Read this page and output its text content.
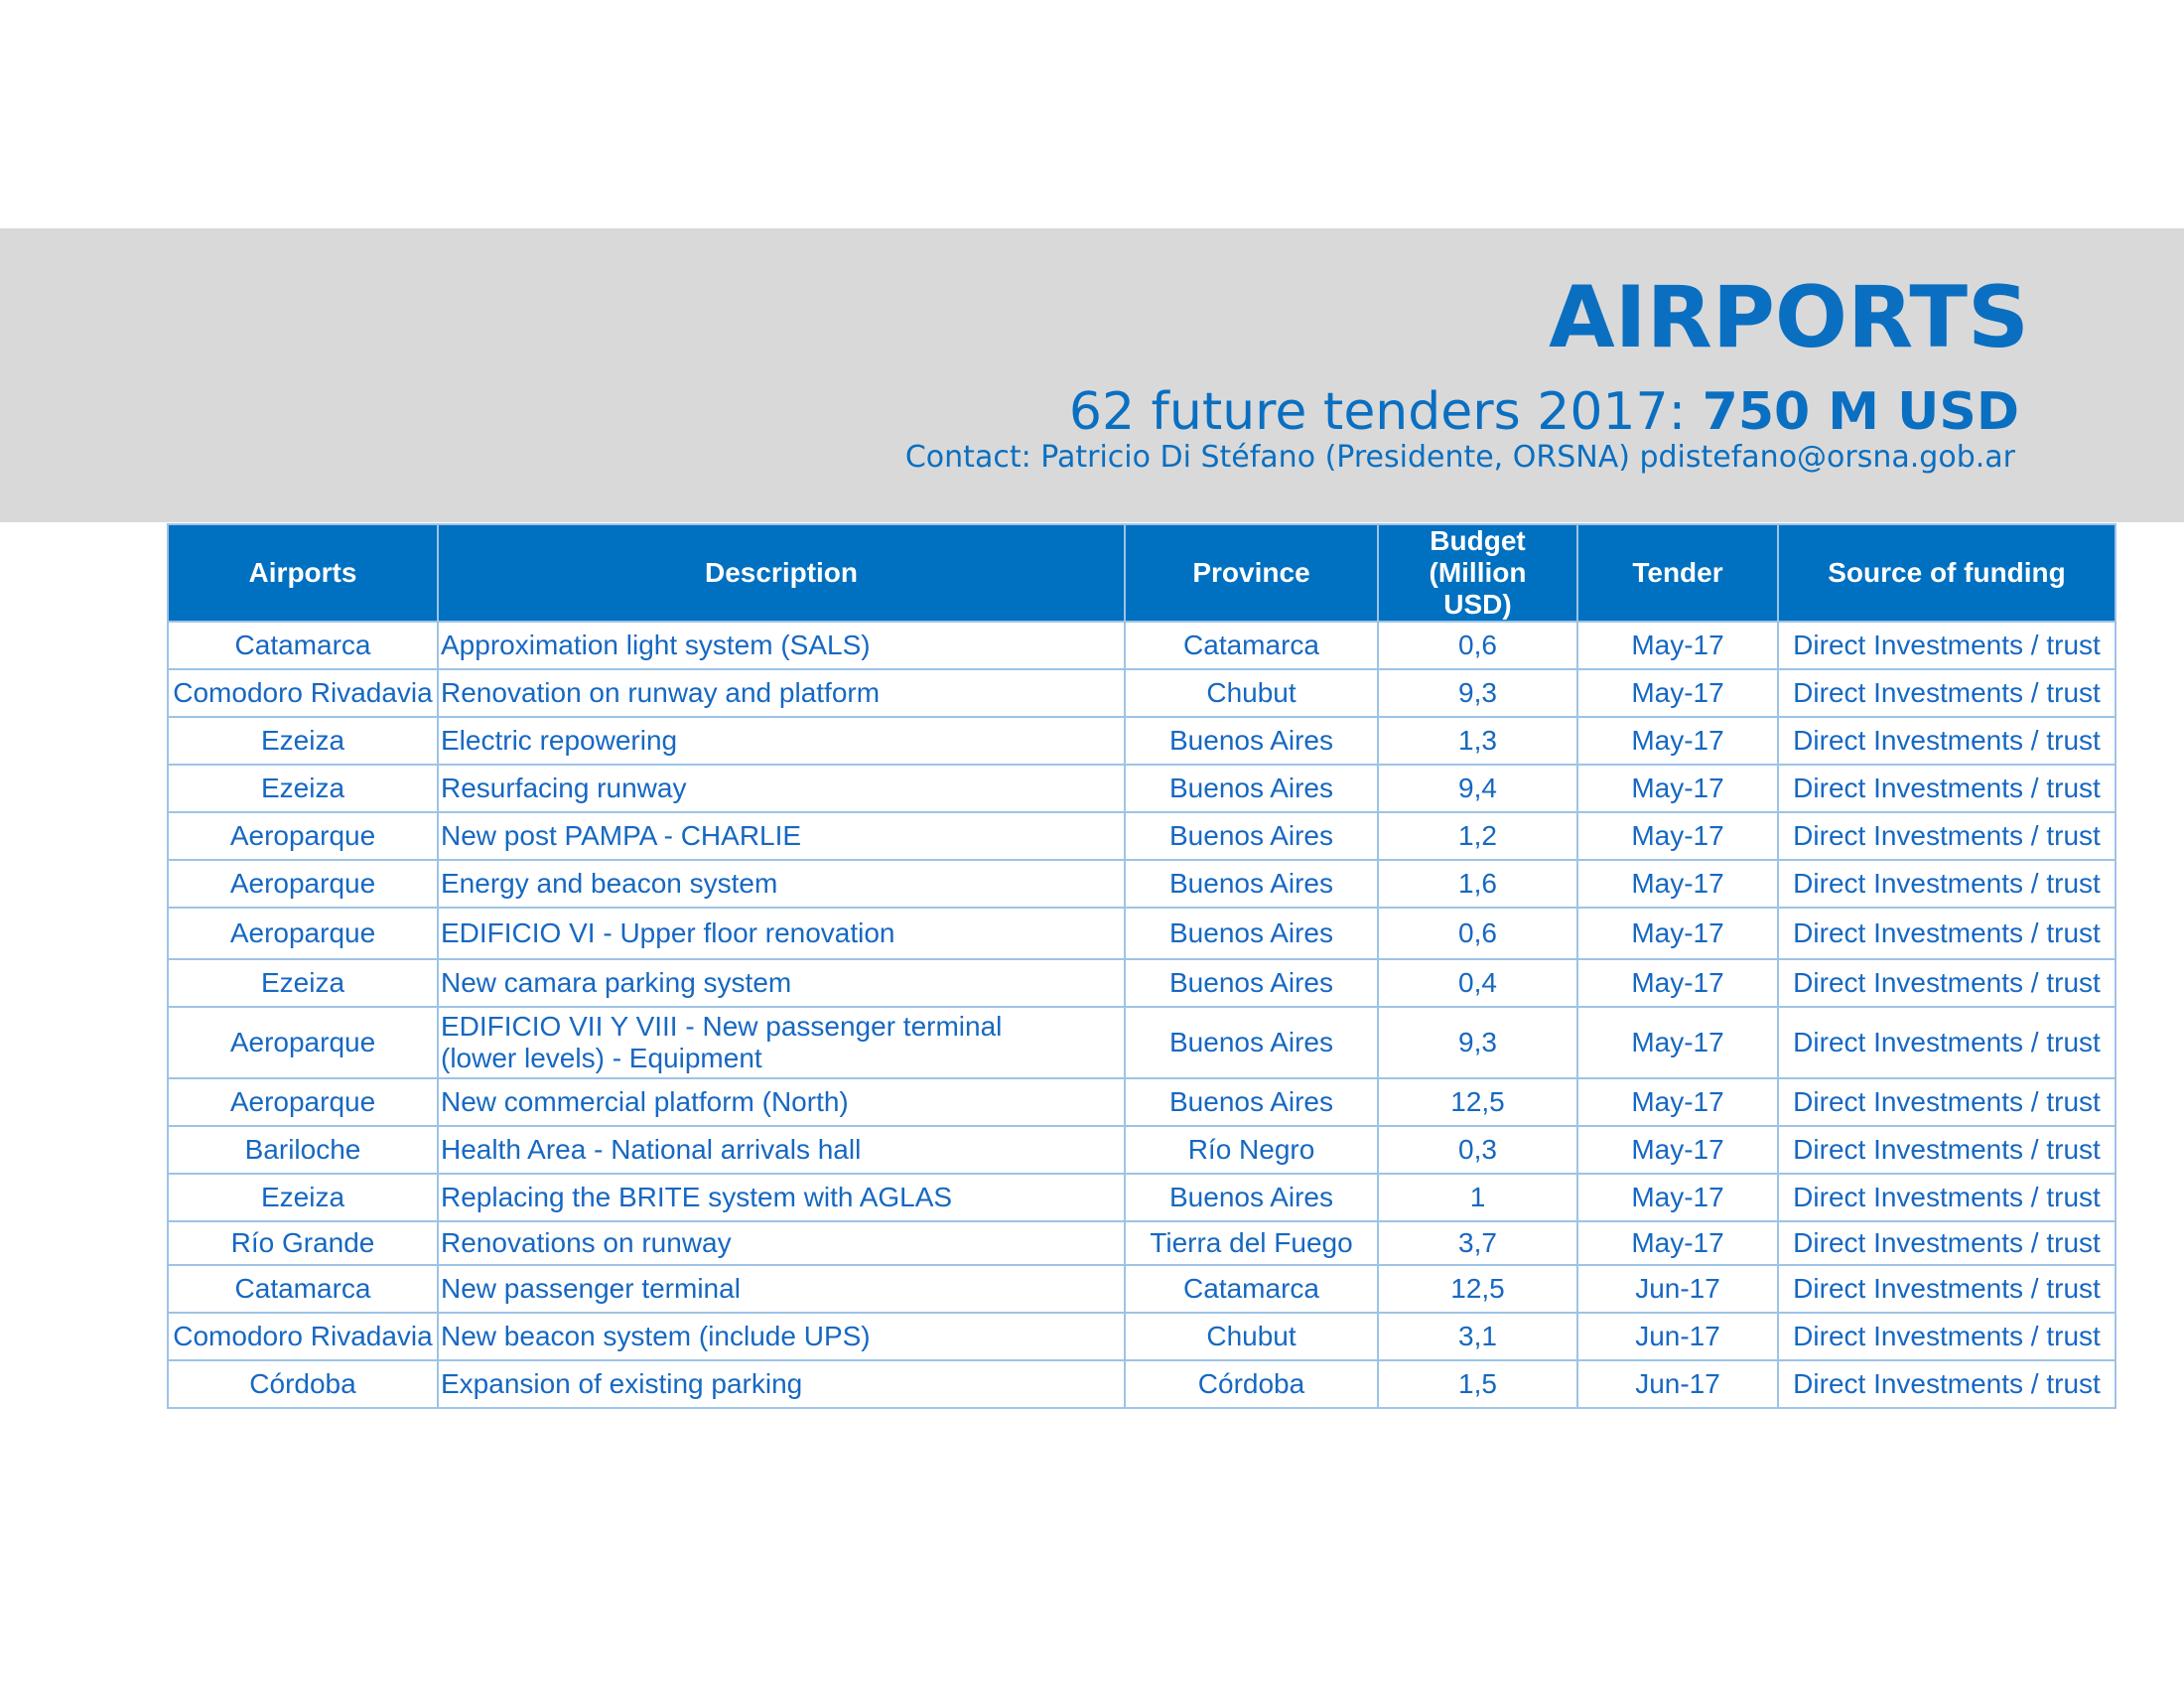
AIRPORTS
62 future tenders 2017: 750 M USD
Contact: Patricio Di Stéfano (Presidente, ORSNA) pdistefano@orsna.gob.ar
Airports	Description	Province	Budget (Million USD)	Tender	Source of funding
Catamarca	Approximation light system (SALS)	Catamarca	0,6	May-17	Direct Investments / trust
Comodoro Rivadavia	Renovation on runway and platform	Chubut	9,3	May-17	Direct Investments / trust
Ezeiza	Electric repowering	Buenos Aires	1,3	May-17	Direct Investments / trust
Ezeiza	Resurfacing runway	Buenos Aires	9,4	May-17	Direct Investments / trust
Aeroparque	New post PAMPA - CHARLIE	Buenos Aires	1,2	May-17	Direct Investments / trust
Aeroparque	Energy and beacon system	Buenos Aires	1,6	May-17	Direct Investments / trust
Aeroparque	EDIFICIO VI - Upper floor renovation	Buenos Aires	0,6	May-17	Direct Investments / trust
Ezeiza	New camara parking system	Buenos Aires	0,4	May-17	Direct Investments / trust
Aeroparque	EDIFICIO VII Y VIII - New passenger terminal (lower levels) - Equipment	Buenos Aires	9,3	May-17	Direct Investments / trust
Aeroparque	New commercial platform (North)	Buenos Aires	12,5	May-17	Direct Investments / trust
Bariloche	Health Area - National arrivals hall	Río Negro	0,3	May-17	Direct Investments / trust
Ezeiza	Replacing the BRITE system with AGLAS	Buenos Aires	1	May-17	Direct Investments / trust
Río Grande	Renovations on runway	Tierra del Fuego	3,7	May-17	Direct Investments / trust
Catamarca	New passenger terminal	Catamarca	12,5	Jun-17	Direct Investments / trust
Comodoro Rivadavia	New beacon system (include UPS)	Chubut	3,1	Jun-17	Direct Investments / trust
Córdoba	Expansion of existing parking	Córdoba	1,5	Jun-17	Direct Investments / trust
